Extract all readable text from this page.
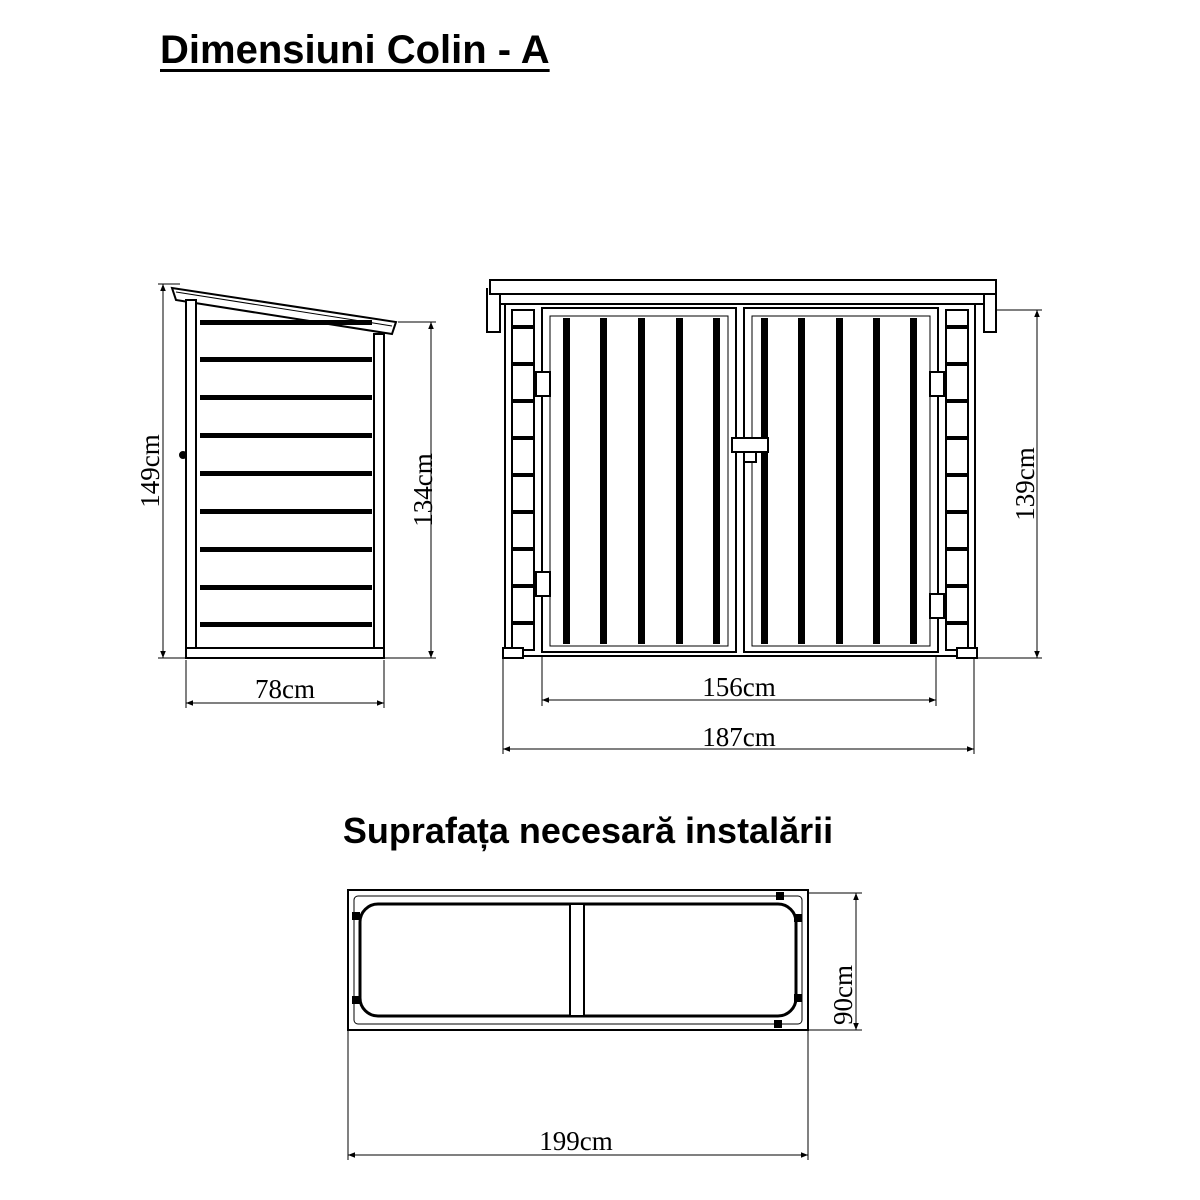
Dimensiuni Colin - A
149cm	134cm
78cm
139cm
156cm
187cm
90cm
199cm
Suprafața necesară instalării
